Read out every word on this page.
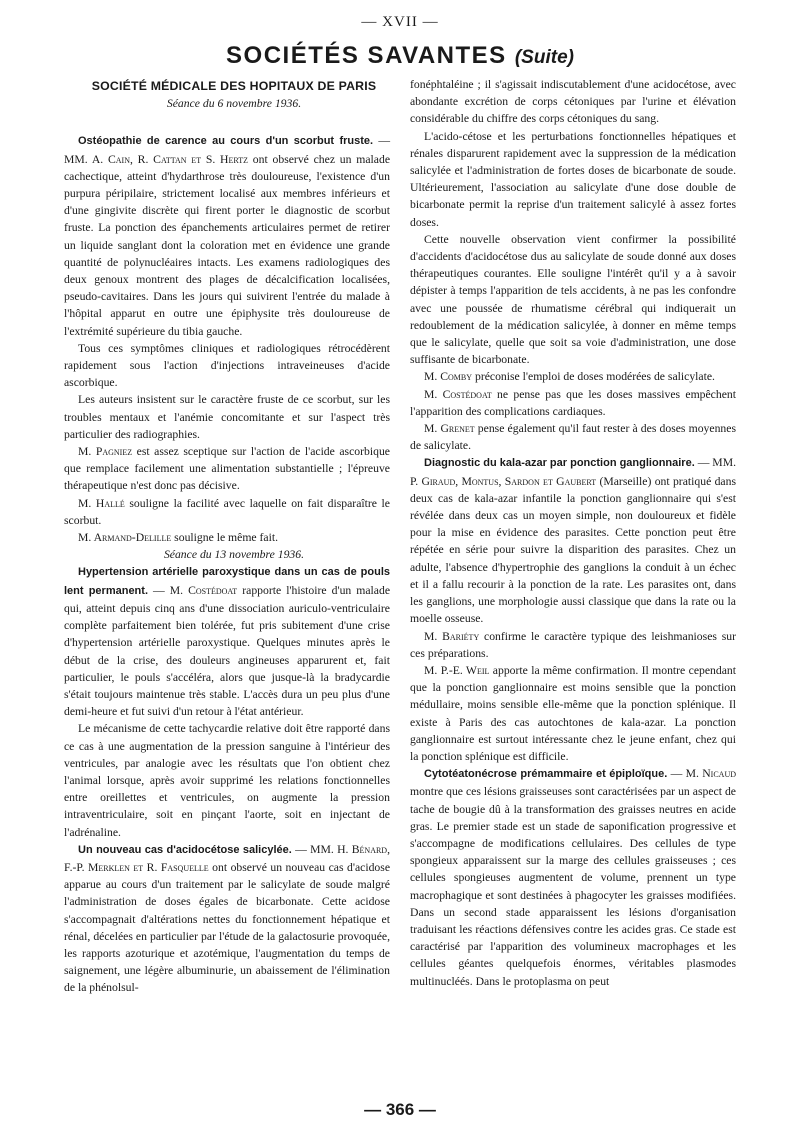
— XVII —
SOCIÉTÉS SAVANTES (Suite)

SOCIÉTÉ MÉDICALE DES HOPITAUX DE PARIS

Séance du 6 novembre 1936.

Ostéopathie de carence au cours d'un scorbut fruste. — MM. A. Cain, R. Cattan et S. Hertz ont observé chez un malade cachectique, atteint d'hydarthrose très douloureuse, l'existence d'un purpura péripilaire, strictement localisé aux membres inférieurs et d'une gingivite discrète qui firent porter le diagnostic de scorbut fruste. La ponction des épanchements articulaires permet de retirer un liquide sanglant dont la coloration met en évidence une grande quantité de polynucléaires intacts. Les examens radiologiques des deux genoux montrent des plages de décalcification localisées, pseudo-cavitaires. Dans les jours qui suivirent l'entrée du malade à l'hôpital apparut en outre une épiphysite très douloureuse de l'extrémité supérieure du tibia gauche.

Tous ces symptômes cliniques et radiologiques rétrocédèrent rapidement sous l'action d'injections intraveineuses d'acide ascorbique.

Les auteurs insistent sur le caractère fruste de ce scorbut, sur les troubles mentaux et l'anémie concomitante et sur l'aspect très particulier des radiographies.

M. Pagniez est assez sceptique sur l'action de l'acide ascorbique que remplace facilement une alimentation substantielle ; l'épreuve thérapeutique n'est donc pas décisive.

M. Hallé souligne la facilité avec laquelle on fait disparaître le scorbut.

M. Armand-Delille souligne le même fait.

Séance du 13 novembre 1936.

Hypertension artérielle paroxystique dans un cas de pouls lent permanent. — M. Costédoat rapporte l'histoire d'un malade qui, atteint depuis cinq ans d'une dissociation auriculo-ventriculaire complète parfaitement bien tolérée, fut pris subitement d'une crise d'hypertension artérielle paroxystique. Quelques minutes après le début de la crise, des douleurs angineuses apparurent et, fait particulier, le pouls s'accéléra, alors que jusque-là la bradycardie s'était toujours maintenue très stable. L'accès dura un peu plus d'une demi-heure et fut suivi d'un retour à l'état antérieur.

Le mécanisme de cette tachycardie relative doit être rapporté dans ce cas à une augmentation de la pression sanguine à l'intérieur des ventricules, par analogie avec les résultats que l'on obtient chez l'animal lorsque, après avoir supprimé les relations fonctionnelles entre oreillettes et ventricules, on augmente la pression intraventriculaire, soit en pinçant l'aorte, soit en injectant de l'adrénaline.

Un nouveau cas d'acidocétose salicylée. — MM. H. Bénard, F.-P. Merklen et R. Fasquelle ont observé un nouveau cas d'acidose apparue au cours d'un traitement par le salicylate de soude malgré l'administration de doses égales de bicarbonate. Cette acidose s'accompagnait d'altérations nettes du fonctionnement hépatique et rénal, décelées en particulier par l'étude de la galactosurie provoquée, les rapports azoturique et azotémique, l'augmentation du temps de saignement, une légère albuminurie, un abaissement de l'élimination de la phénolsul-

fonéphtaléine ; il s'agissait indiscutablement d'une acidocétose, avec abondante excrétion de corps cétoniques par l'urine et élévation considérable du chiffre des corps cétoniques du sang.

L'acido-cétose et les perturbations fonctionnelles hépatiques et rénales disparurent rapidement avec la suppression de la médication salicylée et l'administration de fortes doses de bicarbonate de soude. Ultérieurement, l'association au salicylate d'une dose double de bicarbonate permit la reprise d'un traitement salicylé à assez fortes doses.

Cette nouvelle observation vient confirmer la possibilité d'accidents d'acidocétose dus au salicylate de soude donné aux doses thérapeutiques courantes. Elle souligne l'intérêt qu'il y a à savoir dépister à temps l'apparition de tels accidents, à ne pas les confondre avec une poussée de rhumatisme cérébral qui indiquerait un redoublement de la médication salicylée, à donner en même temps que le salicylate, quelle que soit sa voie d'administration, une dose suffisante de bicarbonate.

M. Comby préconise l'emploi de doses modérées de salicylate.

M. Costédoat ne pense pas que les doses massives empêchent l'apparition des complications cardiaques.

M. Grenet pense également qu'il faut rester à des doses moyennes de salicylate.

Diagnostic du kala-azar par ponction ganglionnaire. — MM. P. Giraud, Montus, Sardon et Gaubert (Marseille) ont pratiqué dans deux cas de kala-azar infantile la ponction ganglionnaire qui s'est révélée dans deux cas un moyen simple, non douloureux et fidèle pour la mise en évidence des parasites. Cette ponction peut être répétée en série pour suivre la disparition des parasites. Chez un adulte, l'absence d'hypertrophie des ganglions la conduit à un échec et il a fallu recourir à la ponction de la rate. Les parasites ont, dans les ganglions, une morphologie aussi classique que dans la rate ou la moelle osseuse.

M. Bariéty confirme le caractère typique des leishmanioses sur ces préparations.

M. P.-E. Weil apporte la même confirmation. Il montre cependant que la ponction ganglionnaire est moins sensible que la ponction médullaire, moins sensible elle-même que la ponction splénique. Il existe à Paris des cas autochtones de kala-azar. La ponction ganglionnaire est surtout intéressante chez le jeune enfant, chez qui la ponction splénique est difficile.

Cytotéatonécrose prémammaire et épiploïque. — M. Nicaud montre que ces lésions graisseuses sont caractérisées par un aspect de tache de bougie dû à la transformation des graisses neutres en acide gras. Le premier stade est un stade de saponification progressive et s'accompagne de modifications cellulaires. Des cellules de type spongieux apparaissent sur la marge des cellules graisseuses ; ces cellules spongieuses augmentent de volume, prennent un type macrophagique et sont destinées à phagocyter les graisses modifiées. Dans un second stade apparaissent les lésions d'organisation traduisant les réactions défensives contre les acides gras. Ce stade est caractérisé par l'apparition des volumineux macrophages et les cellules géantes quelquefois énormes, véritables plasmodes multinucléés. Dans le protoplasma on peut

— 366 —
